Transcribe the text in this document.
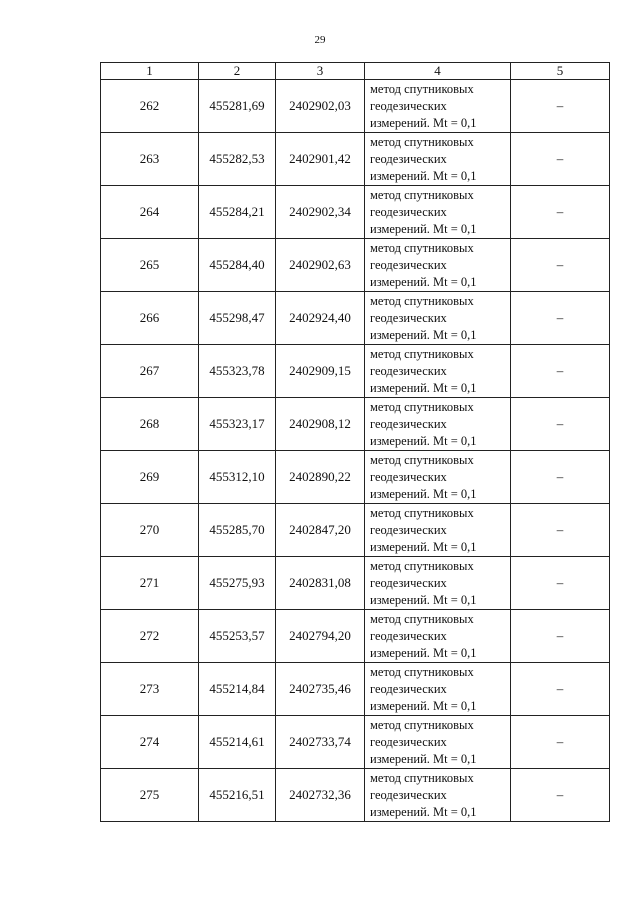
29
1	2	3	4	5
262	455281,69	2402902,03	метод спутниковых
геодезических
измерений. Mt = 0,1	–
263	455282,53	2402901,42	метод спутниковых
геодезических
измерений. Mt = 0,1	–
264	455284,21	2402902,34	метод спутниковых
геодезических
измерений. Mt = 0,1	–
265	455284,40	2402902,63	метод спутниковых
геодезических
измерений. Mt = 0,1	–
266	455298,47	2402924,40	метод спутниковых
геодезических
измерений. Mt = 0,1	–
267	455323,78	2402909,15	метод спутниковых
геодезических
измерений. Mt = 0,1	–
268	455323,17	2402908,12	метод спутниковых
геодезических
измерений. Mt = 0,1	–
269	455312,10	2402890,22	метод спутниковых
геодезических
измерений. Mt = 0,1	–
270	455285,70	2402847,20	метод спутниковых
геодезических
измерений. Mt = 0,1	–
271	455275,93	2402831,08	метод спутниковых
геодезических
измерений. Mt = 0,1	–
272	455253,57	2402794,20	метод спутниковых
геодезических
измерений. Mt = 0,1	–
273	455214,84	2402735,46	метод спутниковых
геодезических
измерений. Mt = 0,1	–
274	455214,61	2402733,74	метод спутниковых
геодезических
измерений. Mt = 0,1	–
275	455216,51	2402732,36	метод спутниковых
геодезических
измерений. Mt = 0,1	–
